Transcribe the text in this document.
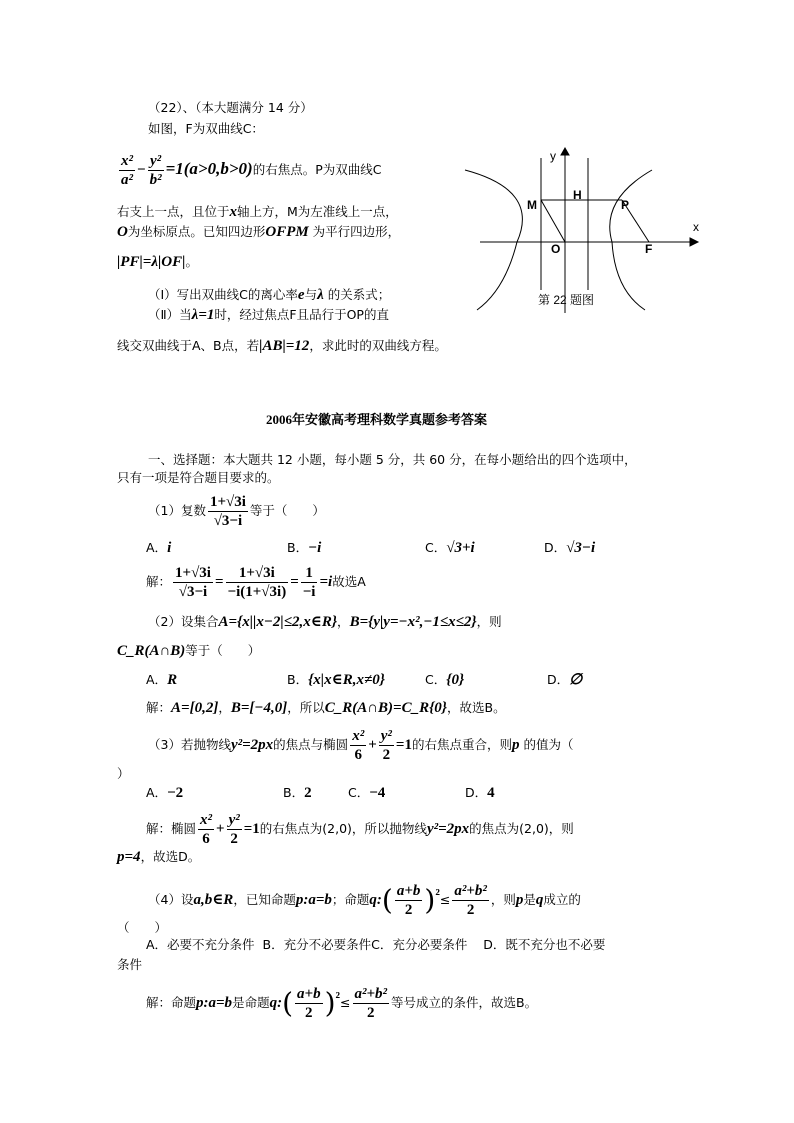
（22）、（本大题满分 14 分）
如图，F为双曲线C：
$\frac{\text{x²}}{\text{a²}} - \frac{\text{y²}}{\text{b²}} =1(a>0,b>0)$的右焦点。P为双曲线C
右支上一点，且位于x轴上方，M为左准线上一点，
O为坐标原点。已知四边形OFPM 为平行四边形，
|PF|=λ|OF|。
（Ⅰ）写出双曲线C的离心率e与λ 的关系式；
（Ⅱ）当λ=1时，经过焦点F且品行于OP的直
线交双曲线于A、B点，若|AB|=12，求此时的双曲线方程。
y
x
M
H
P
O	F
第 22 题图
2006年安徽高考理科数学真题参考答案
一、选择题：本大题共 12 小题，每小题 5 分，共 60 分，在每小题给出的四个选项中，
只有一项是符合题目要求的。
（1）复数 $\frac{1+√3i}{√3-i}$ 等于（　　）
A．i	B．−i	C．√3+i	D．√3−i
解： $\frac{1+√3i}{√3-i} = \frac{1+√3i}{-i(1+√3i)} = \frac{1}{-i} =i$故选A
（2）设集合A={x||x−2|≤2,x∈R}，B={y|y=−x²,−1≤x≤2}，则
C_R(A∩B)等于（　　）
A．R	B．{x|x∈R,x≠0}	C．{0}	D．∅
解：A=[0,2]，B=[−4,0]，所以C_R(A∩B)=C_R{0}，故选B。
（3）若抛物线y²=2px的焦点与椭圆 $\frac{\text{x²}}{6} + \frac{\text{y²}}{2} =1$的右焦点重合，则p 的值为（
）
A．−2	B．2	C．−4	D．4
解：椭圆 $\frac{\text{x²}}{6} + \frac{\text{y²}}{2} =1$的右焦点为(2,0)，所以抛物线y²=2px的焦点为(2,0)，则
p=4，故选D。
（4）设a,b∈R，已知命题p:a=b；命题q:( $\frac{a+b}{2} )^{^2}\le \frac{\text{a²+b²}}{2}$ ，则p是q成立的
（　　）
A．必要不充分条件 B．充分不必要条件C．充分必要条件 D．既不充分也不必要
条件
解：命题p:a=b是命题q:( $\frac{a+b}{2} )^{^2}\le \frac{\text{a²+b²}}{2}$ 等号成立的条件，故选B。
